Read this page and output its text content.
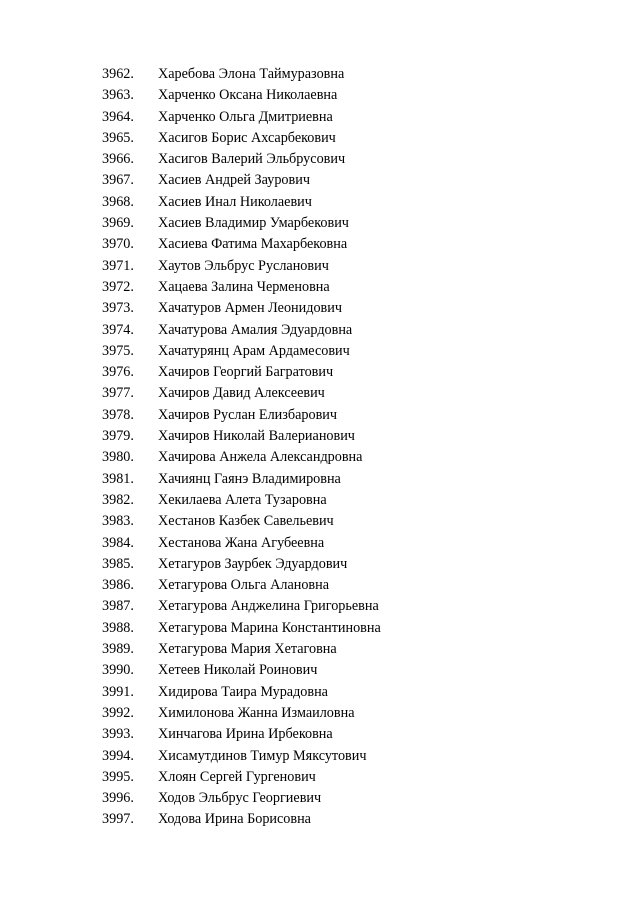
3962.	Харебова Элона Таймуразовна
3963.	Харченко Оксана Николаевна
3964.	Харченко Ольга Дмитриевна
3965.	Хасигов Борис Ахсарбекович
3966.	Хасигов Валерий Эльбрусович
3967.	Хасиев Андрей Заурович
3968.	Хасиев Инал Николаевич
3969.	Хасиев Владимир Умарбекович
3970.	Хасиева Фатима Махарбековна
3971.	Хаутов Эльбрус Русланович
3972.	Хацаева Залина Черменовна
3973.	Хачатуров Армен Леонидович
3974.	Хачатурова Амалия Эдуардовна
3975.	Хачатурянц Арам Ардамесович
3976.	Хачиров Георгий Багратович
3977.	Хачиров Давид Алексеевич
3978.	Хачиров Руслан Елизбарович
3979.	Хачиров Николай Валерианович
3980.	Хачирова Анжела Александровна
3981.	Хачиянц Гаянэ Владимировна
3982.	Хекилаева Алета Тузаровна
3983.	Хестанов Казбек Савельевич
3984.	Хестанова Жана Агубеевна
3985.	Хетагуров Заурбек Эдуардович
3986.	Хетагурова Ольга Алановна
3987.	Хетагурова Анджелина Григорьевна
3988.	Хетагурова Марина Константиновна
3989.	Хетагурова Мария Хетаговна
3990.	Хетеев Николай Роинович
3991.	Хидирова Таира Мурадовна
3992.	Химилонова Жанна Измаиловна
3993.	Хинчагова Ирина Ирбековна
3994.	Хисамутдинов Тимур Мяксутович
3995.	Хлоян Сергей Гургенович
3996.	Ходов Эльбрус Георгиевич
3997.	Ходова Ирина Борисовна
